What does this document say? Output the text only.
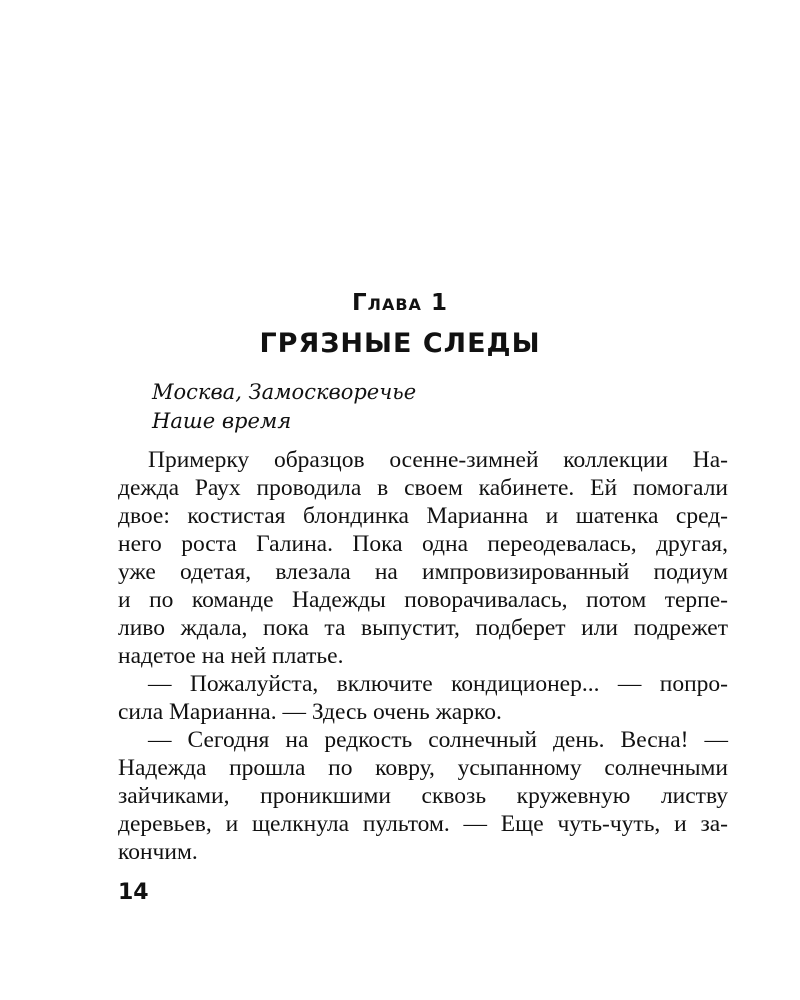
Глава 1
ГРЯЗНЫЕ СЛЕДЫ
Москва, Замоскворечье
Наше время
Примерку образцов осенне-зимней коллекции На-
дежда Раух проводила в своем кабинете. Ей помогали
двое: костистая блондинка Марианна и шатенка сред-
него роста Галина. Пока одна переодевалась, другая,
уже одетая, влезала на импровизированный подиум
и по команде Надежды поворачивалась, потом терпе-
ливо ждала, пока та выпустит, подберет или подрежет
надетое на ней платье.
— Пожалуйста, включите кондиционер... — попро-
сила Марианна. — Здесь очень жарко.
— Сегодня на редкость солнечный день. Весна! —
Надежда прошла по ковру, усыпанному солнечными
зайчиками, проникшими сквозь кружевную листву
деревьев, и щелкнула пультом. — Еще чуть-чуть, и за-
кончим.
14
